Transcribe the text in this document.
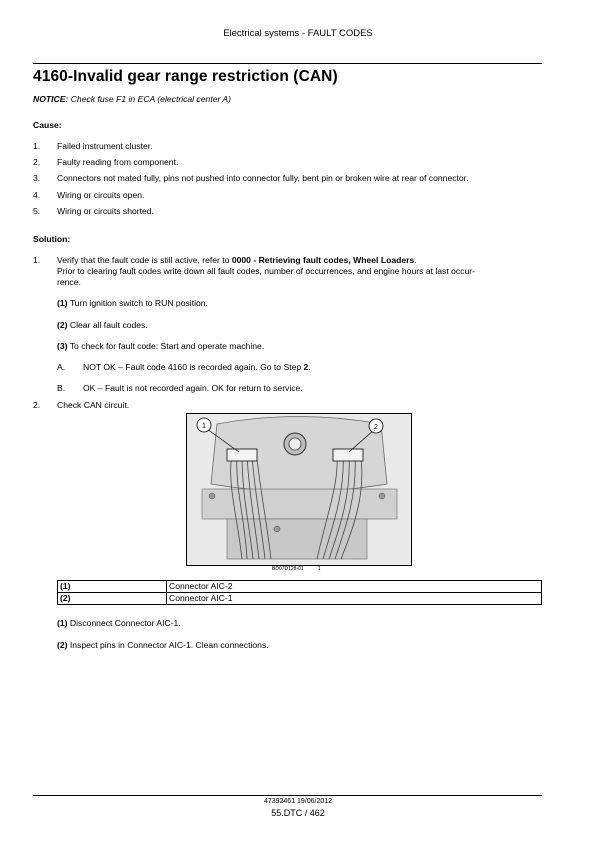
Electrical systems - FAULT CODES
4160-Invalid gear range restriction (CAN)
NOTICE: Check fuse F1 in ECA (electrical center A)
Cause:
1.	Failed instrument cluster.
2.	Faulty reading from component.
3.	Connectors not mated fully, pins not pushed into connector fully, bent pin or broken wire at rear of connector.
4.	Wiring or circuits open.
5.	Wiring or circuits shorted.
Solution:
1.	Verify that the fault code is still active, refer to 0000 - Retrieving fault codes, Wheel Loaders.
Prior to clearing fault codes write down all fault codes, number of occurrences, and engine hours at last occur-
rence.
(1) Turn ignition switch to RUN position.
(2) Clear all fault codes.
(3) To check for fault code: Start and operate machine.
A. NOT OK – Fault code 4160 is recorded again. Go to Step 2.
B. OK – Fault is not recorded again. OK for return to service.
2.	Check CAN circuit.
1	2
BD07D128-01	1
(1)	Connector AIC-2
(2)	Connector AIC-1
(1) Disconnect Connector AIC-1.
(2) Inspect pins in Connector AIC-1. Clean connections.
47392461 19/06/2012
55.DTC / 462
